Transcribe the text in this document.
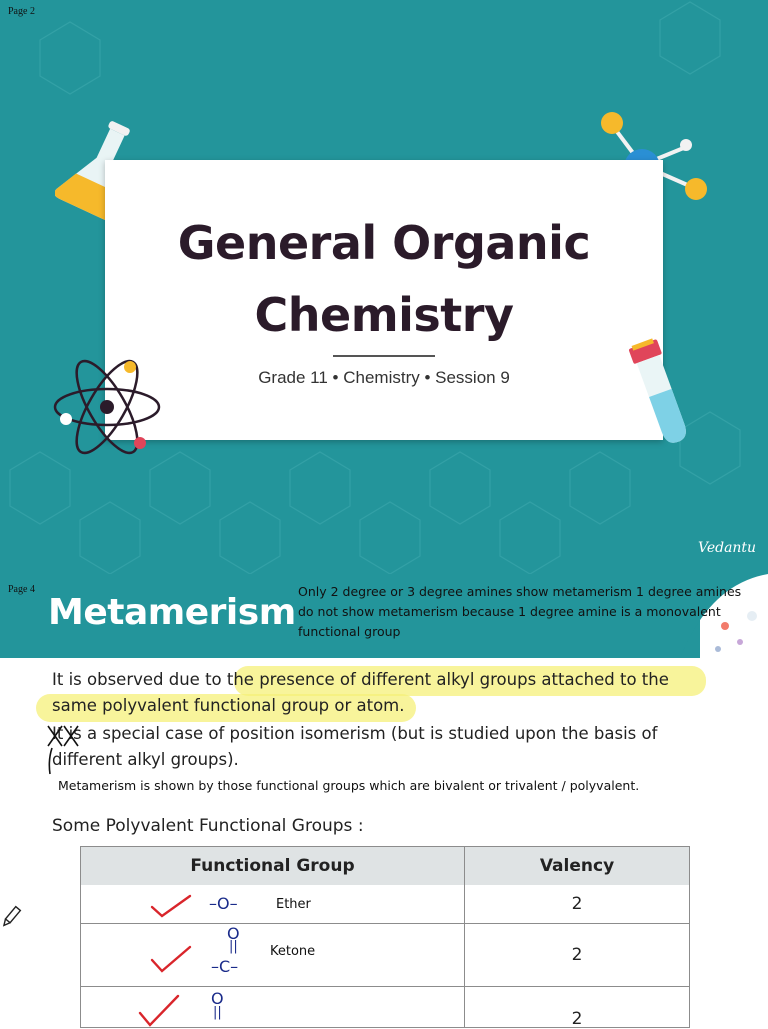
Page 2
General Organic
Chemistry
Grade 11 • Chemistry • Session 9
Vedantu
Metamerism
Page 4	Only 2 degree or 3 degree amines show metamerism 1 degree amines do not show metamerism because 1 degree amine is a monovalent functional group
It is observed due to the presence of different alkyl groups attached to the
same polyvalent functional group or atom.
It is a special case of position isomerism (but is studied upon the basis of
different alkyl groups).
Metamerism is shown by those functional groups which are bivalent or trivalent / polyvalent.
Some Polyvalent Functional Groups :
Functional Group	Valency
–O–	Ether	2
O
||
–C–
Ketone	2
O
||	2
